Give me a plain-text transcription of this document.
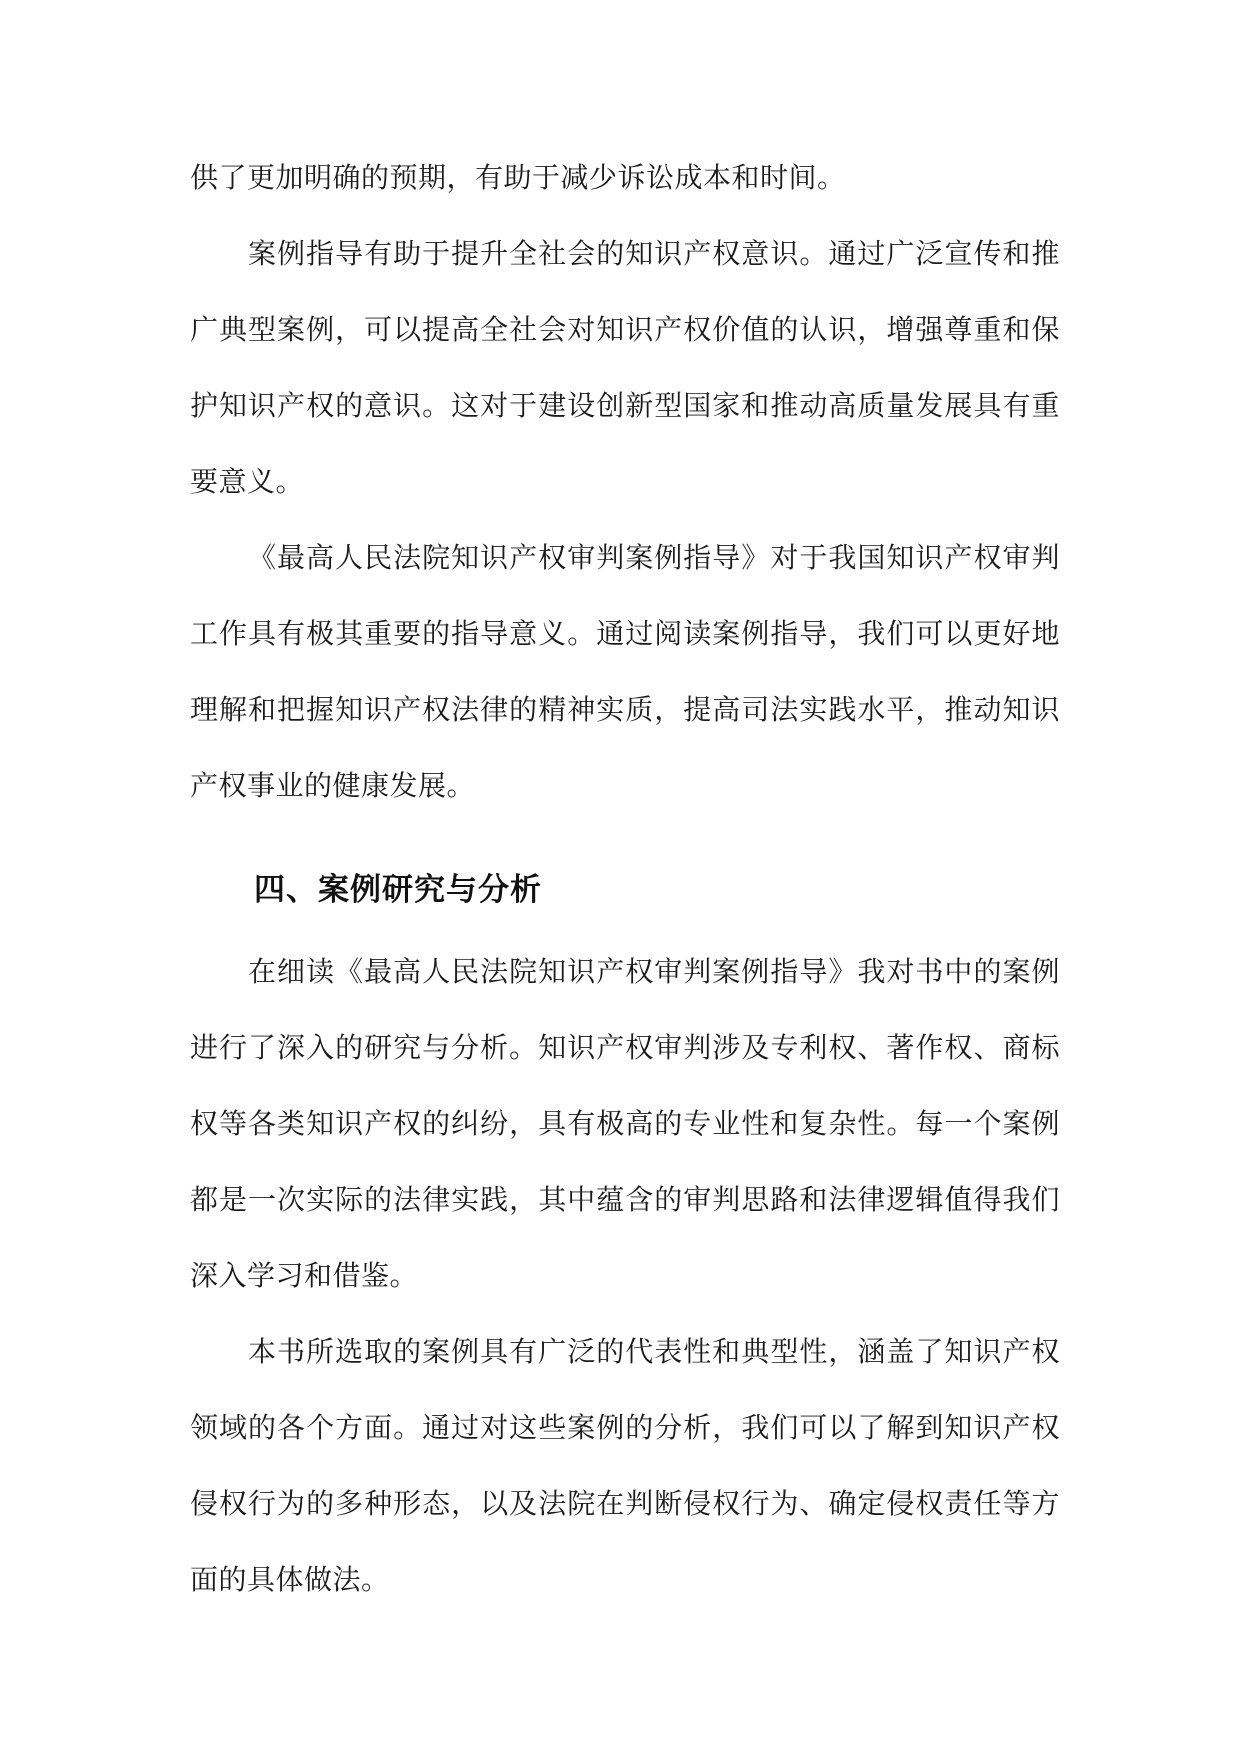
供了更加明确的预期，有助于减少诉讼成本和时间。

案例指导有助于提升全社会的知识产权意识。通过广泛宣传和推广典型案例，可以提高全社会对知识产权价值的认识，增强尊重和保护知识产权的意识。这对于建设创新型国家和推动高质量发展具有重要意义。

《最高人民法院知识产权审判案例指导》对于我国知识产权审判工作具有极其重要的指导意义。通过阅读案例指导，我们可以更好地理解和把握知识产权法律的精神实质，提高司法实践水平，推动知识产权事业的健康发展。

四、案例研究与分析

在细读《最高人民法院知识产权审判案例指导》我对书中的案例进行了深入的研究与分析。知识产权审判涉及专利权、著作权、商标权等各类知识产权的纠纷，具有极高的专业性和复杂性。每一个案例都是一次实际的法律实践，其中蕴含的审判思路和法律逻辑值得我们深入学习和借鉴。

本书所选取的案例具有广泛的代表性和典型性，涵盖了知识产权领域的各个方面。通过对这些案例的分析，我们可以了解到知识产权侵权行为的多种形态，以及法院在判断侵权行为、确定侵权责任等方面的具体做法。
